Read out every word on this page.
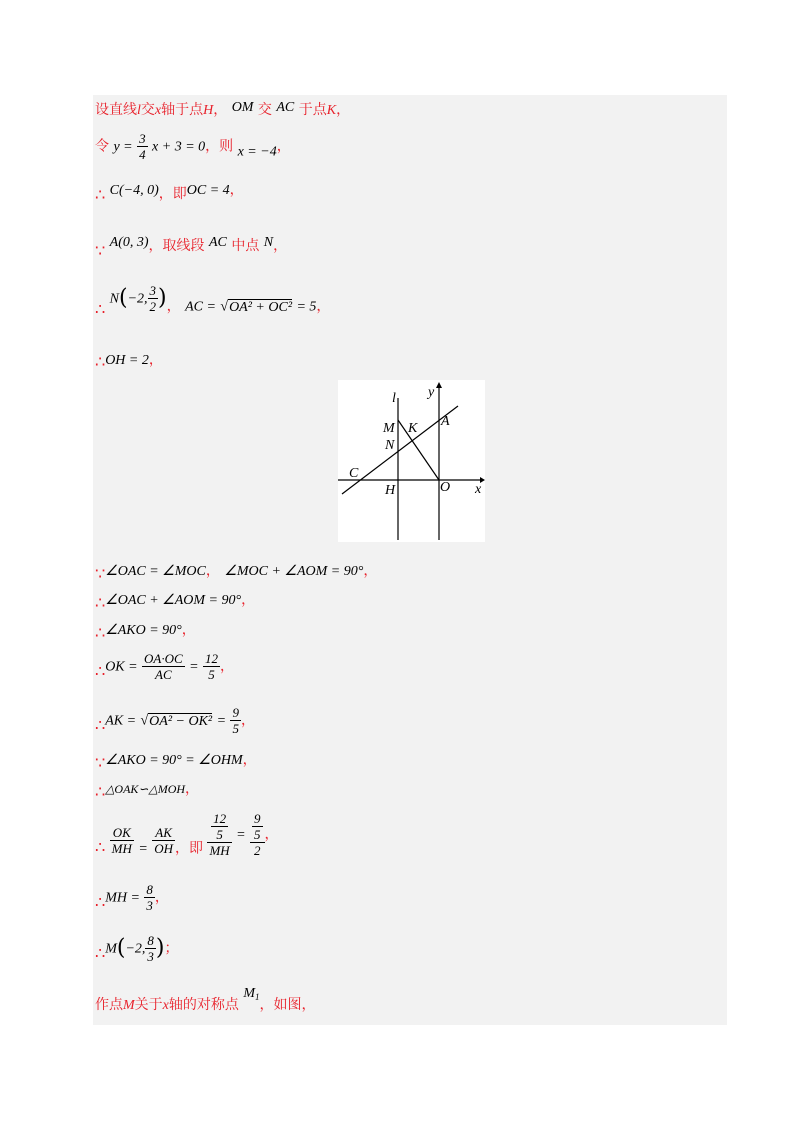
设直线l交x轴于点H， OM 交 AC 于点K，
令 $y = \frac{3}{4}$ x + 3 = 0，则 x = −4，
∴ C(−4, 0)，即OC = 4，
∵ A(0, 3)，取线段 AC 中点 N，
∴ N(−2, $\frac{3}{2}$ )， AC = √OA² + OC² = 5，
∴OH = 2，
l y
x
M K
N
A
C
H	O
∵∠OAC = ∠MOC， ∠MOC + ∠AOM = 90°，
∴∠OAC + ∠AOM = 90°，
∴∠AKO = 90°，
∴OK = $\frac{OA\cdot OC}{AC} = \frac{12}{5}$ ，
∴AK = $√OA^2 - OK^2 = \frac{9}{5}$ ，
∵∠AKO = 90° = ∠OHM，
∴△OAK∽△MOH，
∴ $\frac{OK}{MH} = \frac{AK}{OH}$ ，即 $\frac{\frac{12}{5}}{MH} = \frac{\frac{9}{5}}{2}$ ，
∴MH = $\frac{8}{3}$ ，
∴M(−2, $\frac{8}{3}$ )；
作点M关于x轴的对称点 $M_1$，如图，
